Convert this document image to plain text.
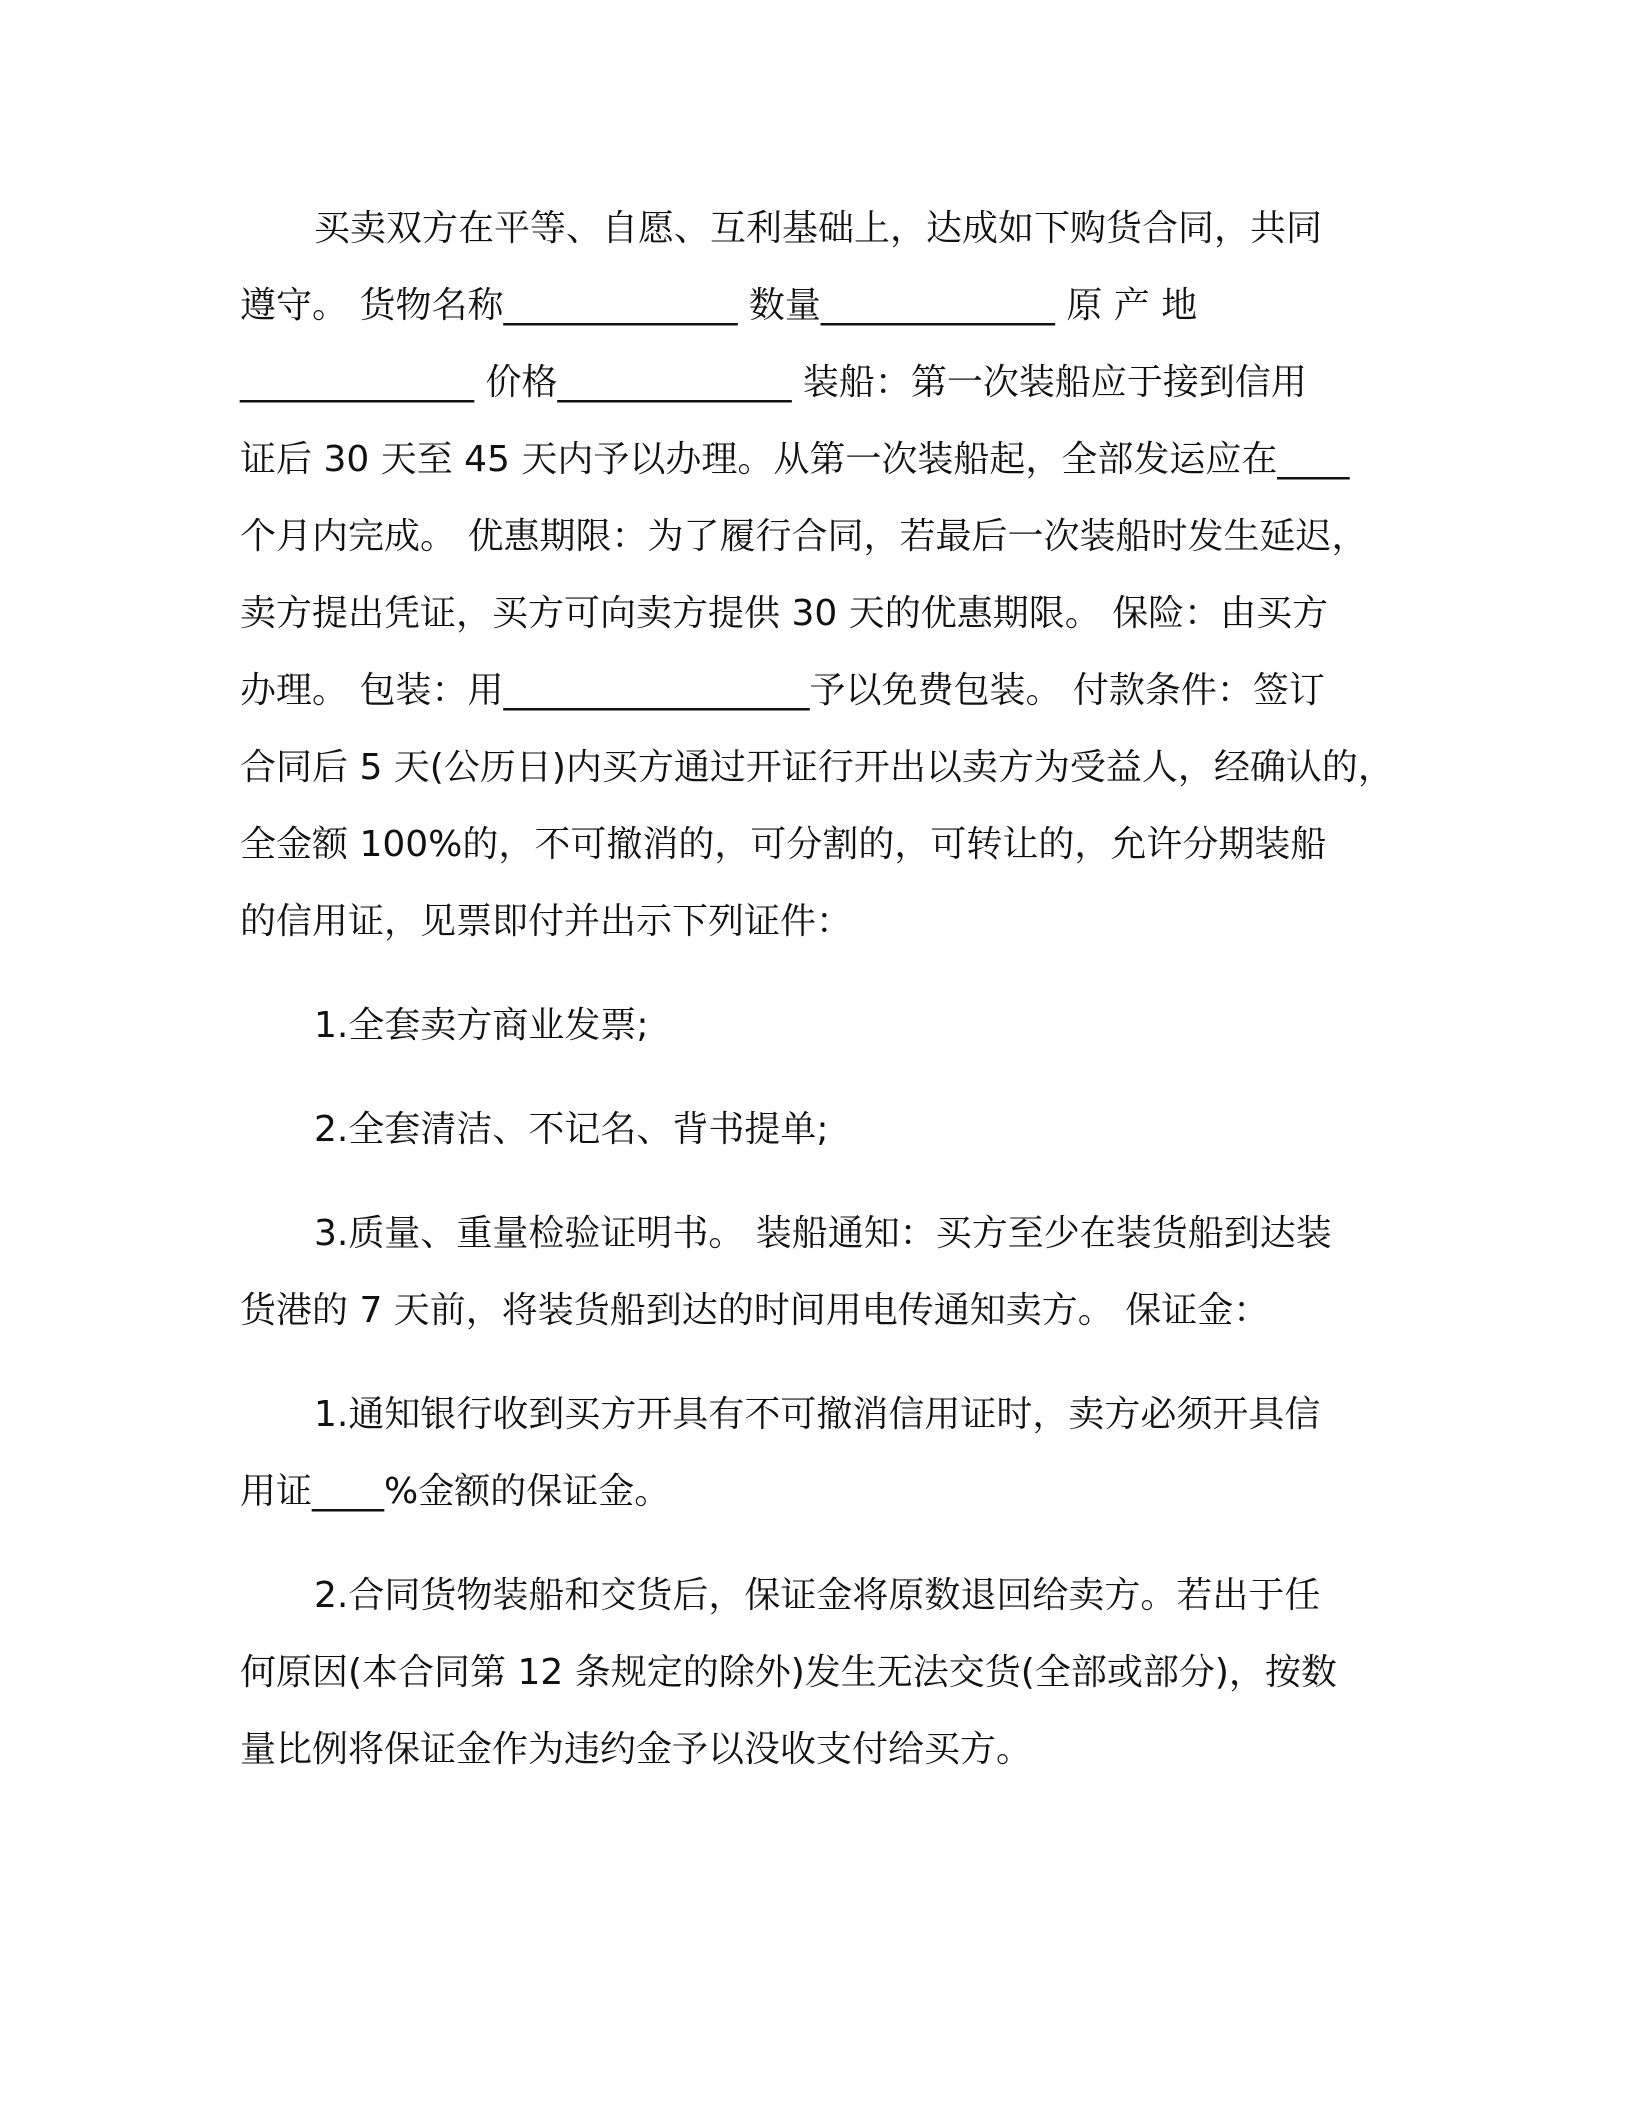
买卖双方在平等、自愿、互利基础上，达成如下购货合同，共同
遵守。 货物名称_____________ 数量_____________ 原 产 地
_____________ 价格_____________ 装船：第一次装船应于接到信用
证后 30 天至 45 天内予以办理。从第一次装船起，全部发运应在____
个月内完成。 优惠期限：为了履行合同，若最后一次装船时发生延迟，
卖方提出凭证，买方可向卖方提供 30 天的优惠期限。 保险：由买方
办理。 包装：用_________________予以免费包装。 付款条件：签订
合同后 5 天(公历日)内买方通过开证行开出以卖方为受益人，经确认的，
全金额 100%的，不可撤消的，可分割的，可转让的，允许分期装船
的信用证，见票即付并出示下列证件：
1.全套卖方商业发票;
2.全套清洁、不记名、背书提单;
3.质量、重量检验证明书。 装船通知：买方至少在装货船到达装
货港的 7 天前，将装货船到达的时间用电传通知卖方。 保证金：
1.通知银行收到买方开具有不可撤消信用证时，卖方必须开具信
用证____%金额的保证金。
2.合同货物装船和交货后，保证金将原数退回给卖方。若出于任
何原因(本合同第 12 条规定的除外)发生无法交货(全部或部分)，按数
量比例将保证金作为违约金予以没收支付给买方。
